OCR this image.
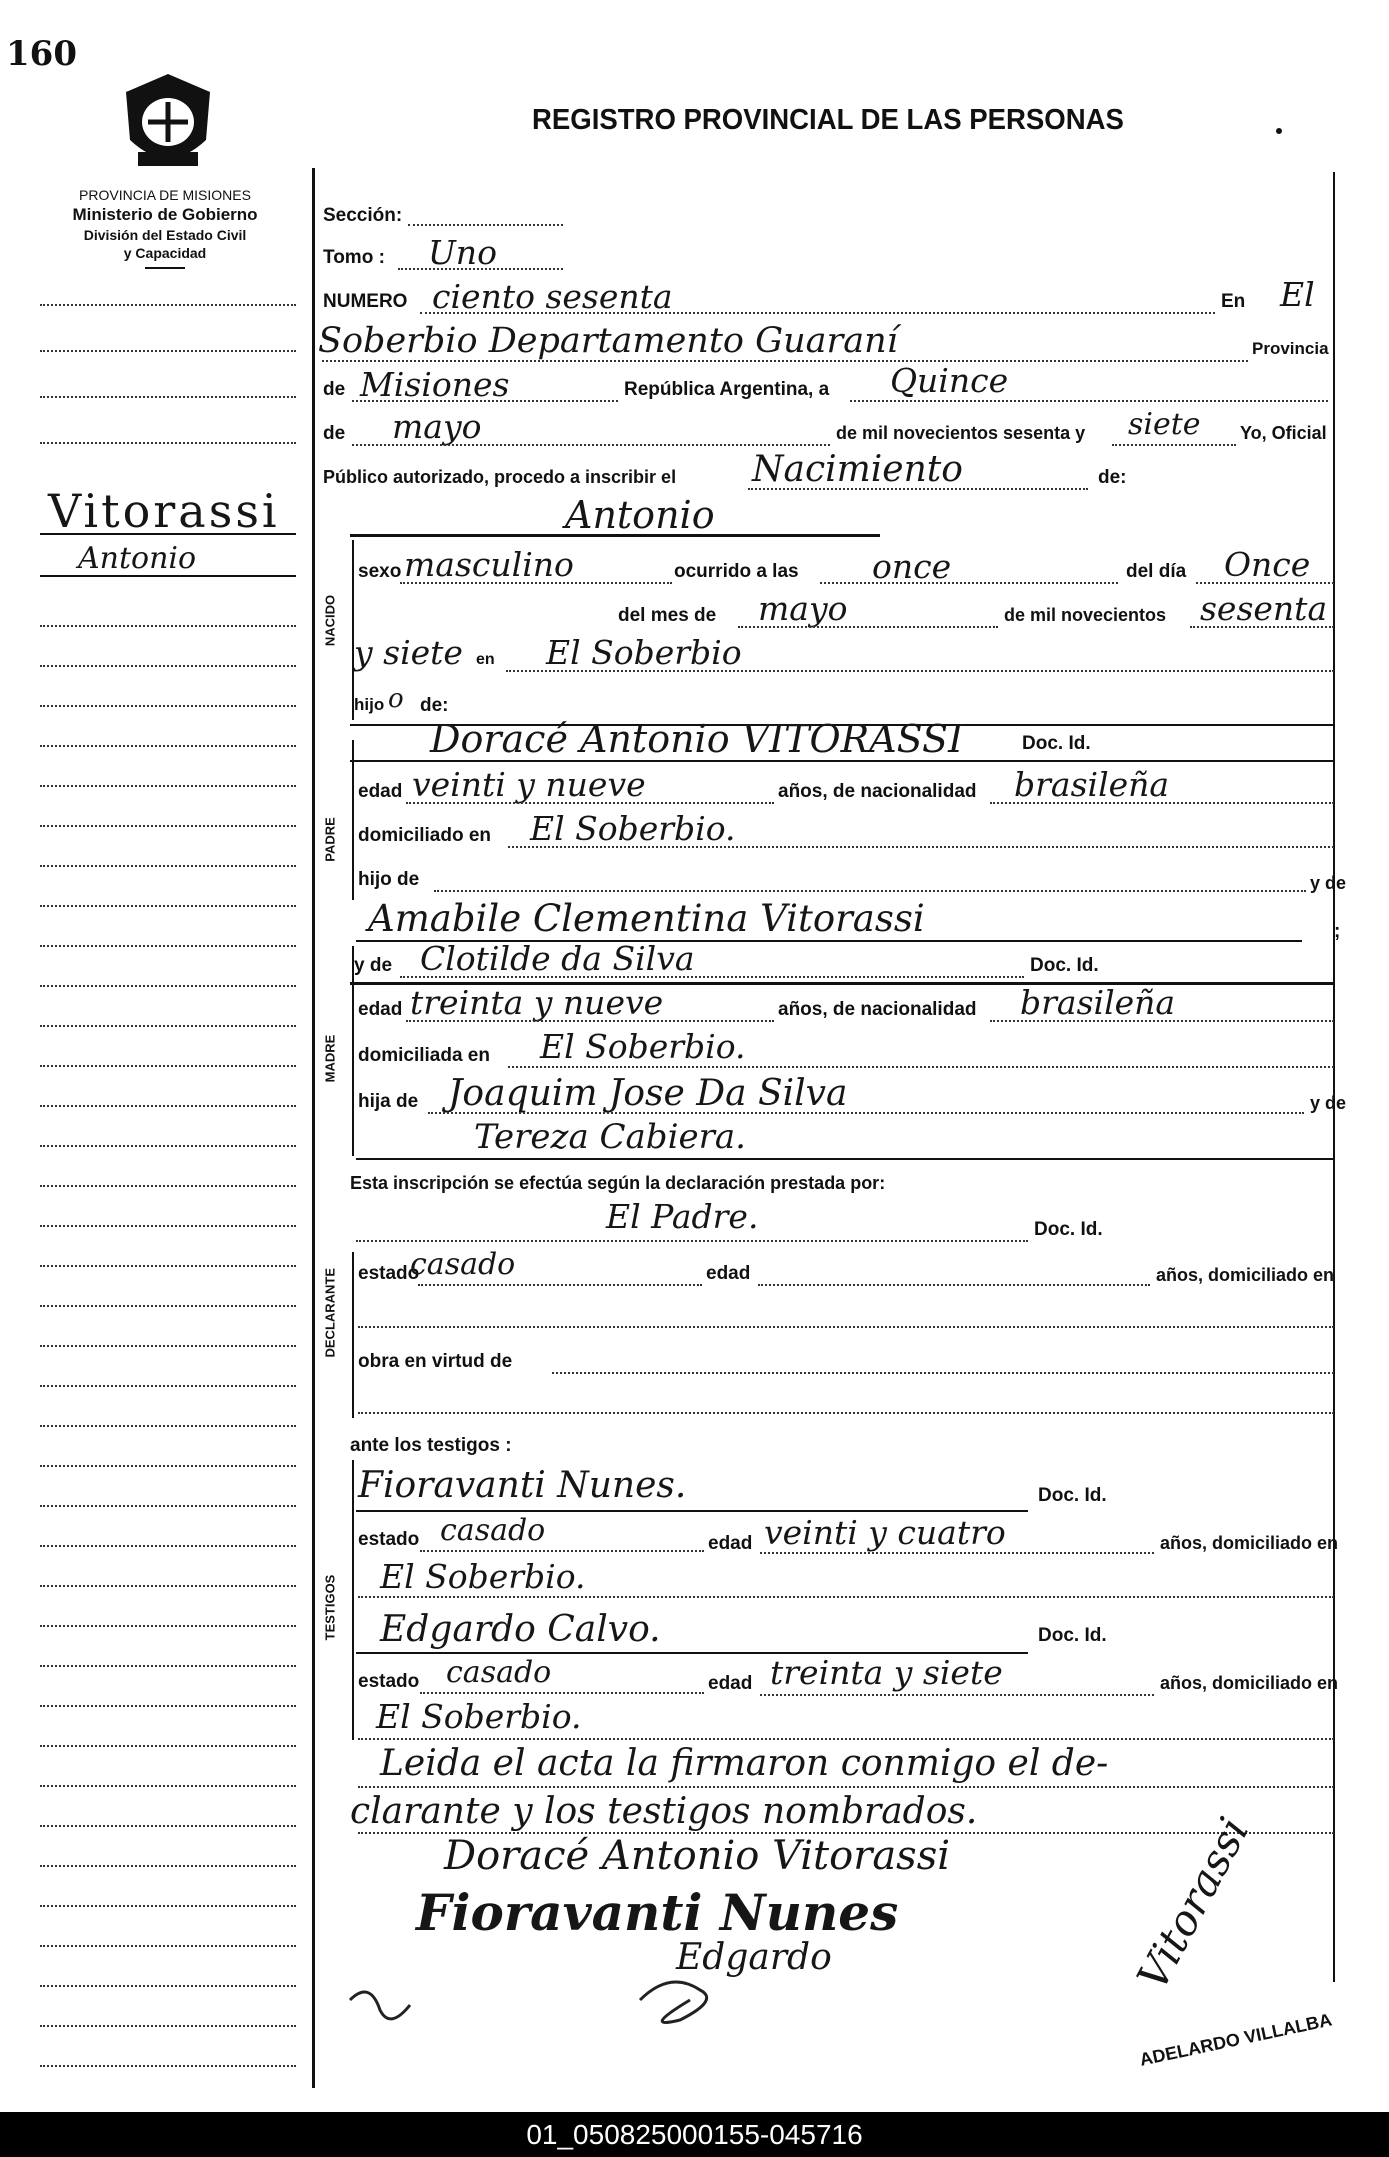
160
PROVINCIA DE MISIONES
Ministerio de Gobierno
División del Estado Civil
y Capacidad
REGISTRO PROVINCIAL DE LAS PERSONAS
Vitorassi
Antonio
Sección:
Tomo : Uno
NUMERO ciento sesenta	En El
Soberbio Departamento Guaraní	Provincia
de Misiones	República Argentina, a Quince
de mayo	de mil novecientos sesenta y siete Yo, Oficial
Público autorizado, procedo a inscribir el Nacimiento	de:
NACIDO
Antonio
sexo masculino	ocurrido a las once	del día Once
del mes de mayo	de mil novecientos sesenta
y siete en El Soberbio
hijo o de:
PADRE
Doracé Antonio VITORASSI	Doc. Id.
edad veinti y nueve	años, de nacionalidad brasileña
domiciliado en El Soberbio.
hijo de	y de
Amabile Clementina Vitorassi	;
MADRE
y de Clotilde da Silva	Doc. Id.
edad treinta y nueve	años, de nacionalidad brasileña
domiciliada en El Soberbio.
hija de Joaquim Jose Da Silva	y de
Tereza Cabiera.
Esta inscripción se efectúa según la declaración prestada por:
El Padre.	Doc. Id.
DECLARANTE estado
casado	edad	años, domiciliado en
obra en virtud de
ante los testigos :
TESTIGOS
Fioravanti Nunes.	Doc. Id.
estado casado	edad veinti y cuatro	años, domiciliado en
El Soberbio.
Edgardo Calvo.	Doc. Id.
estado casado	edad treinta y siete	años, domiciliado en
El Soberbio.
Leida el acta la firmaron conmigo el de-
clarante y los testigos nombrados.
Doracé Antonio Vitorassi
Fioravanti Nunes
Edgardo	Vitorassi
ADELARDO VILLALBA
01_050825000155-045716
